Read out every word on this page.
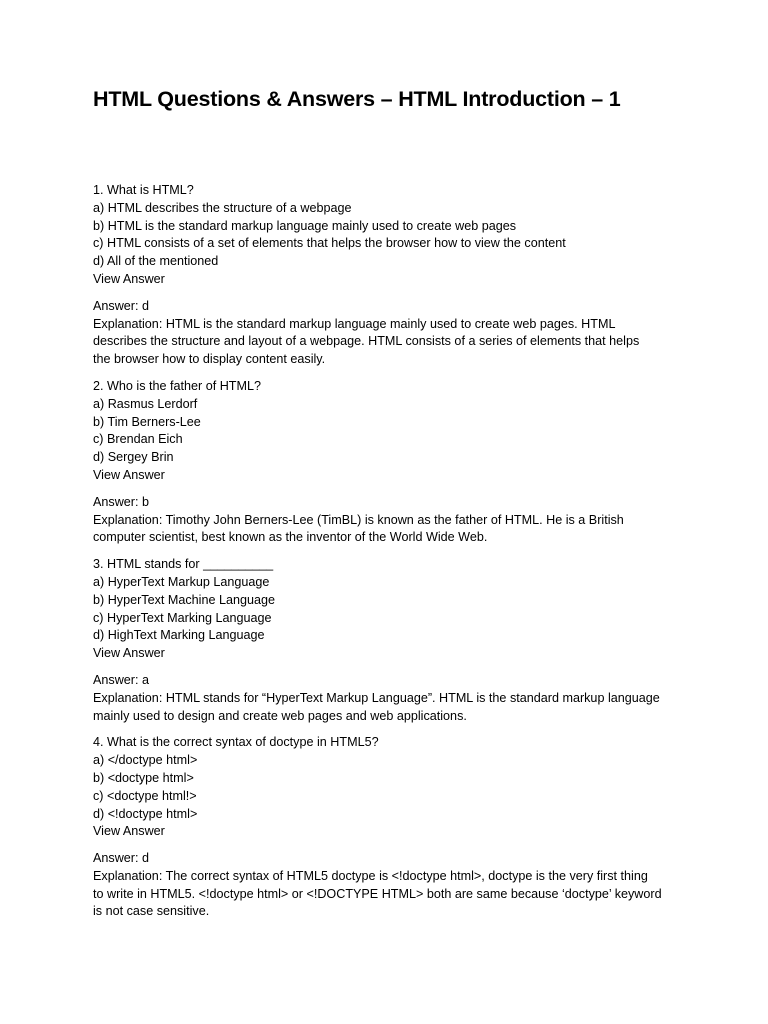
HTML Questions & Answers – HTML Introduction – 1
1. What is HTML?
a) HTML describes the structure of a webpage
b) HTML is the standard markup language mainly used to create web pages
c) HTML consists of a set of elements that helps the browser how to view the content
d) All of the mentioned
View Answer
Answer: d
Explanation: HTML is the standard markup language mainly used to create web pages. HTML
describes the structure and layout of a webpage. HTML consists of a series of elements that helps
the browser how to display content easily.
2. Who is the father of HTML?
a) Rasmus Lerdorf
b) Tim Berners-Lee
c) Brendan Eich
d) Sergey Brin
View Answer
Answer: b
Explanation: Timothy John Berners-Lee (TimBL) is known as the father of HTML. He is a British
computer scientist, best known as the inventor of the World Wide Web.
3. HTML stands for __________
a) HyperText Markup Language
b) HyperText Machine Language
c) HyperText Marking Language
d) HighText Marking Language
View Answer
Answer: a
Explanation: HTML stands for “HyperText Markup Language”. HTML is the standard markup language
mainly used to design and create web pages and web applications.
4. What is the correct syntax of doctype in HTML5?
a) </doctype html>
b) <doctype html>
c) <doctype html!>
d) <!doctype html>
View Answer
Answer: d
Explanation: The correct syntax of HTML5 doctype is <!doctype html>, doctype is the very first thing
to write in HTML5. <!doctype html> or <!DOCTYPE HTML> both are same because ‘doctype’ keyword
is not case sensitive.
